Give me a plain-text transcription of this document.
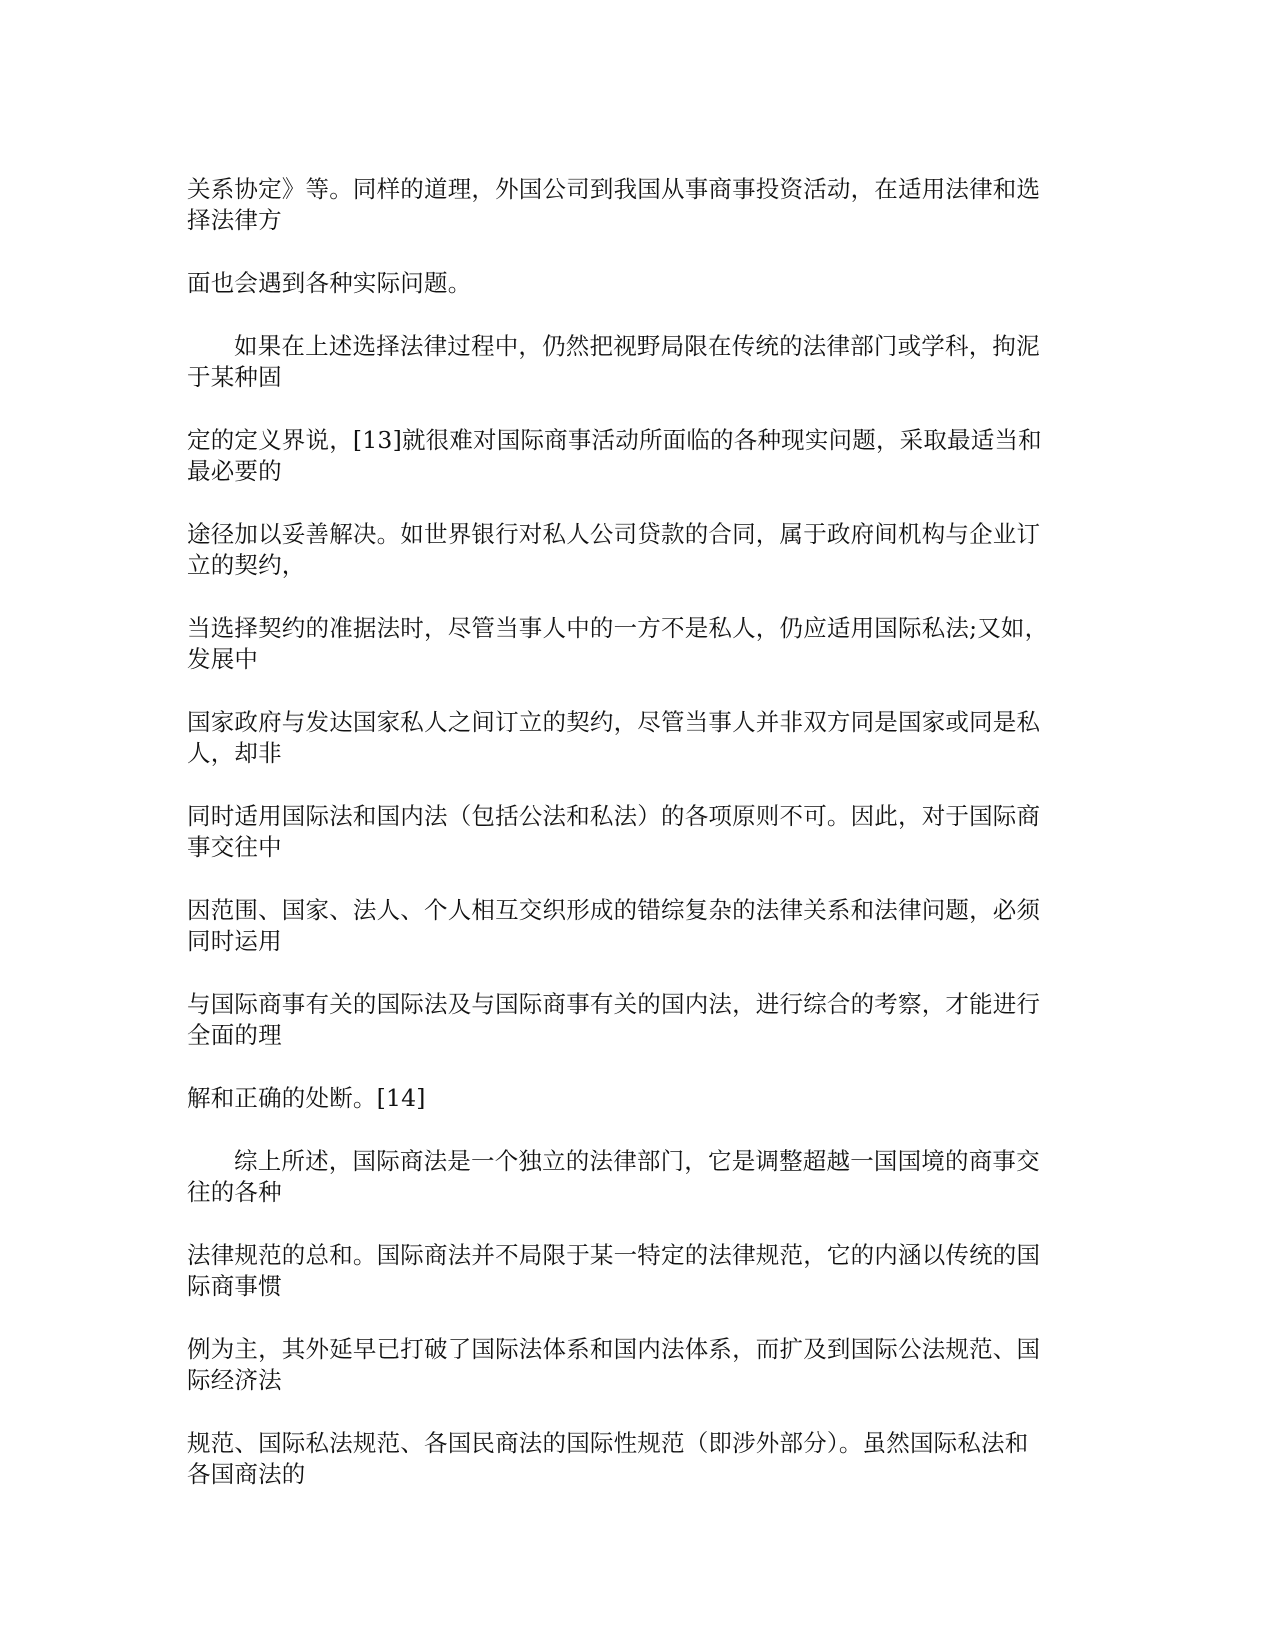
关系协定》等。同样的道理，外国公司到我国从事商事投资活动，在适用法律和选
择法律方

面也会遇到各种实际问题。

如果在上述选择法律过程中，仍然把视野局限在传统的法律部门或学科，拘泥
于某种固

定的定义界说，[13]就很难对国际商事活动所面临的各种现实问题，采取最适当和
最必要的

途径加以妥善解决。如世界银行对私人公司贷款的合同，属于政府间机构与企业订
立的契约，

当选择契约的准据法时，尽管当事人中的一方不是私人，仍应适用国际私法;又如，
发展中

国家政府与发达国家私人之间订立的契约，尽管当事人并非双方同是国家或同是私
人，却非

同时适用国际法和国内法（包括公法和私法）的各项原则不可。因此，对于国际商
事交往中

因范围、国家、法人、个人相互交织形成的错综复杂的法律关系和法律问题，必须
同时运用

与国际商事有关的国际法及与国际商事有关的国内法，进行综合的考察，才能进行
全面的理

解和正确的处断。[14]

综上所述，国际商法是一个独立的法律部门，它是调整超越一国国境的商事交
往的各种

法律规范的总和。国际商法并不局限于某一特定的法律规范，它的内涵以传统的国
际商事惯

例为主，其外延早已打破了国际法体系和国内法体系，而扩及到国际公法规范、国
际经济法

规范、国际私法规范、各国民商法的国际性规范（即涉外部分）。虽然国际私法和
各国商法的
